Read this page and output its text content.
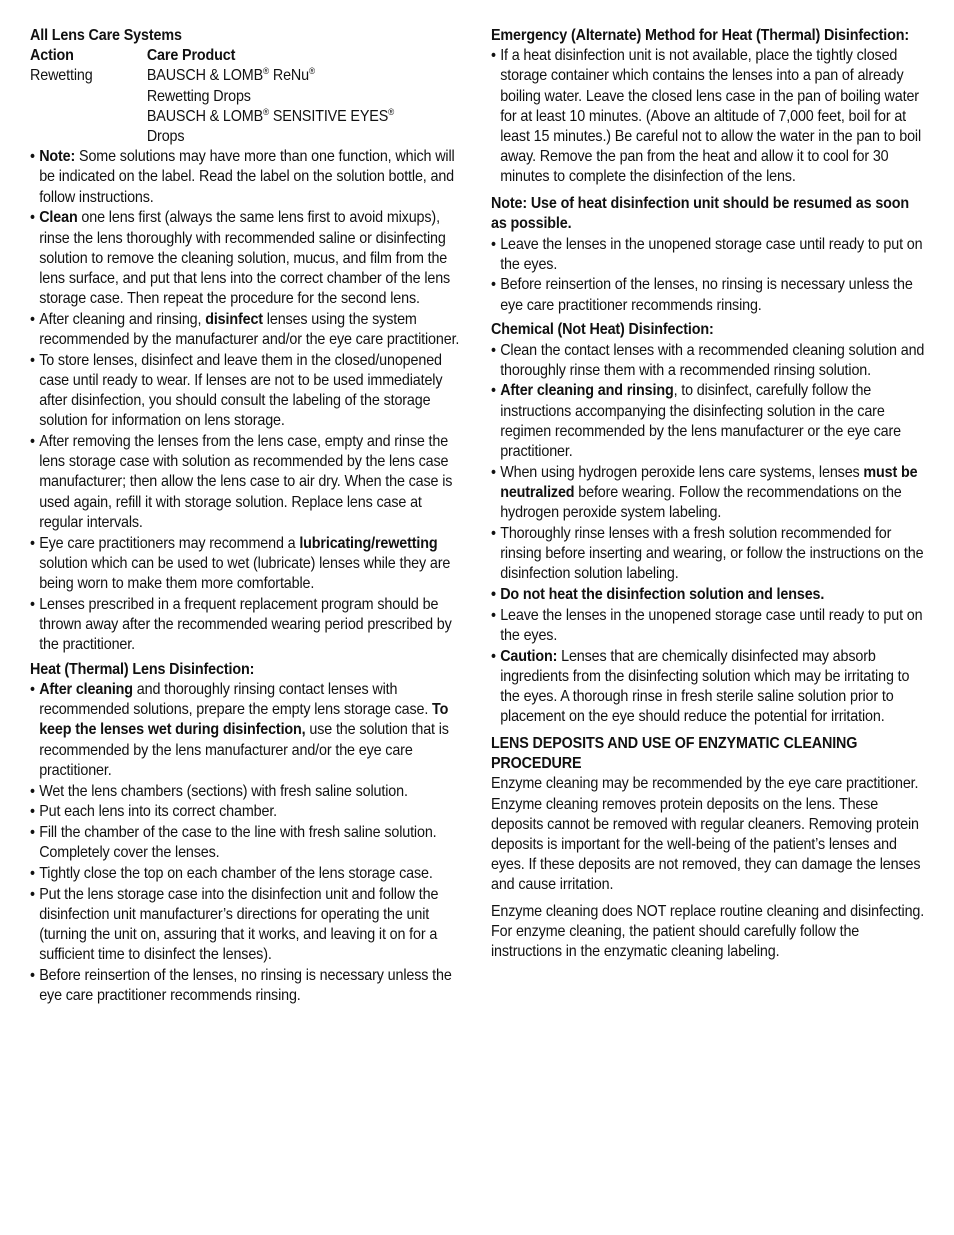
All Lens Care Systems

Action	Care Product
Rewetting	BAUSCH & LOMB® ReNu®
Rewetting Drops
BAUSCH & LOMB® SENSITIVE EYES®
Drops
• Note: Some solutions may have more than one function, which will be indicated on the label. Read the label on the solution bottle, and follow instructions.
• Clean one lens first (always the same lens first to avoid mixups), rinse the lens thoroughly with recommended saline or disinfecting solution to remove the cleaning solution, mucus, and film from the lens surface, and put that lens into the correct chamber of the lens storage case. Then repeat the procedure for the second lens.
• After cleaning and rinsing, disinfect lenses using the system recommended by the manufacturer and/or the eye care practitioner.
• To store lenses, disinfect and leave them in the closed/unopened case until ready to wear. If lenses are not to be used immediately after disinfection, you should consult the labeling of the storage solution for information on lens storage.
• After removing the lenses from the lens case, empty and rinse the lens storage case with solution as recommended by the lens case manufacturer; then allow the lens case to air dry. When the case is used again, refill it with storage solution. Replace lens case at regular intervals.
• Eye care practitioners may recommend a lubricating/rewetting solution which can be used to wet (lubricate) lenses while they are being worn to make them more comfortable.
• Lenses prescribed in a frequent replacement program should be thrown away after the recommended wearing period prescribed by the practitioner.

Heat (Thermal) Lens Disinfection:

• After cleaning and thoroughly rinsing contact lenses with recommended solutions, prepare the empty lens storage case. To keep the lenses wet during disinfection, use the solution that is recommended by the lens manufacturer and/or the eye care practitioner.
• Wet the lens chambers (sections) with fresh saline solution.
• Put each lens into its correct chamber.
• Fill the chamber of the case to the line with fresh saline solution. Completely cover the lenses.
• Tightly close the top on each chamber of the lens storage case.
• Put the lens storage case into the disinfection unit and follow the disinfection unit manufacturer’s directions for operating the unit (turning the unit on, assuring that it works, and leaving it on for a sufficient time to disinfect the lenses).
• Before reinsertion of the lenses, no rinsing is necessary unless the eye care practitioner recommends rinsing.

Emergency (Alternate) Method for Heat (Thermal) Disinfection:

• If a heat disinfection unit is not available, place the tightly closed storage container which contains the lenses into a pan of already boiling water. Leave the closed lens case in the pan of boiling water for at least 10 minutes. (Above an altitude of 7,000 feet, boil for at least 15 minutes.) Be careful not to allow the water in the pan to boil away. Remove the pan from the heat and allow it to cool for 30 minutes to complete the disinfection of the lens.

Note: Use of heat disinfection unit should be resumed as soon as possible.

• Leave the lenses in the unopened storage case until ready to put on the eyes.
• Before reinsertion of the lenses, no rinsing is necessary unless the eye care practitioner recommends rinsing.

Chemical (Not Heat) Disinfection:

• Clean the contact lenses with a recommended cleaning solution and thoroughly rinse them with a recommended rinsing solution.
• After cleaning and rinsing, to disinfect, carefully follow the instructions accompanying the disinfecting solution in the care regimen recommended by the lens manufacturer or the eye care practitioner.
• When using hydrogen peroxide lens care systems, lenses must be neutralized before wearing. Follow the recommendations on the hydrogen peroxide system labeling.
• Thoroughly rinse lenses with a fresh solution recommended for rinsing before inserting and wearing, or follow the instructions on the disinfection solution labeling.
• Do not heat the disinfection solution and lenses.
• Leave the lenses in the unopened storage case until ready to put on the eyes.
• Caution: Lenses that are chemically disinfected may absorb ingredients from the disinfecting solution which may be irritating to the eyes. A thorough rinse in fresh sterile saline solution prior to placement on the eye should reduce the potential for irritation.

LENS DEPOSITS AND USE OF ENZYMATIC CLEANING PROCEDURE

Enzyme cleaning may be recommended by the eye care practitioner. Enzyme cleaning removes protein deposits on the lens. These deposits cannot be removed with regular cleaners. Removing protein deposits is important for the well-being of the patient’s lenses and eyes. If these deposits are not removed, they can damage the lenses and cause irritation.

Enzyme cleaning does NOT replace routine cleaning and disinfecting. For enzyme cleaning, the patient should carefully follow the instructions in the enzymatic cleaning labeling.
